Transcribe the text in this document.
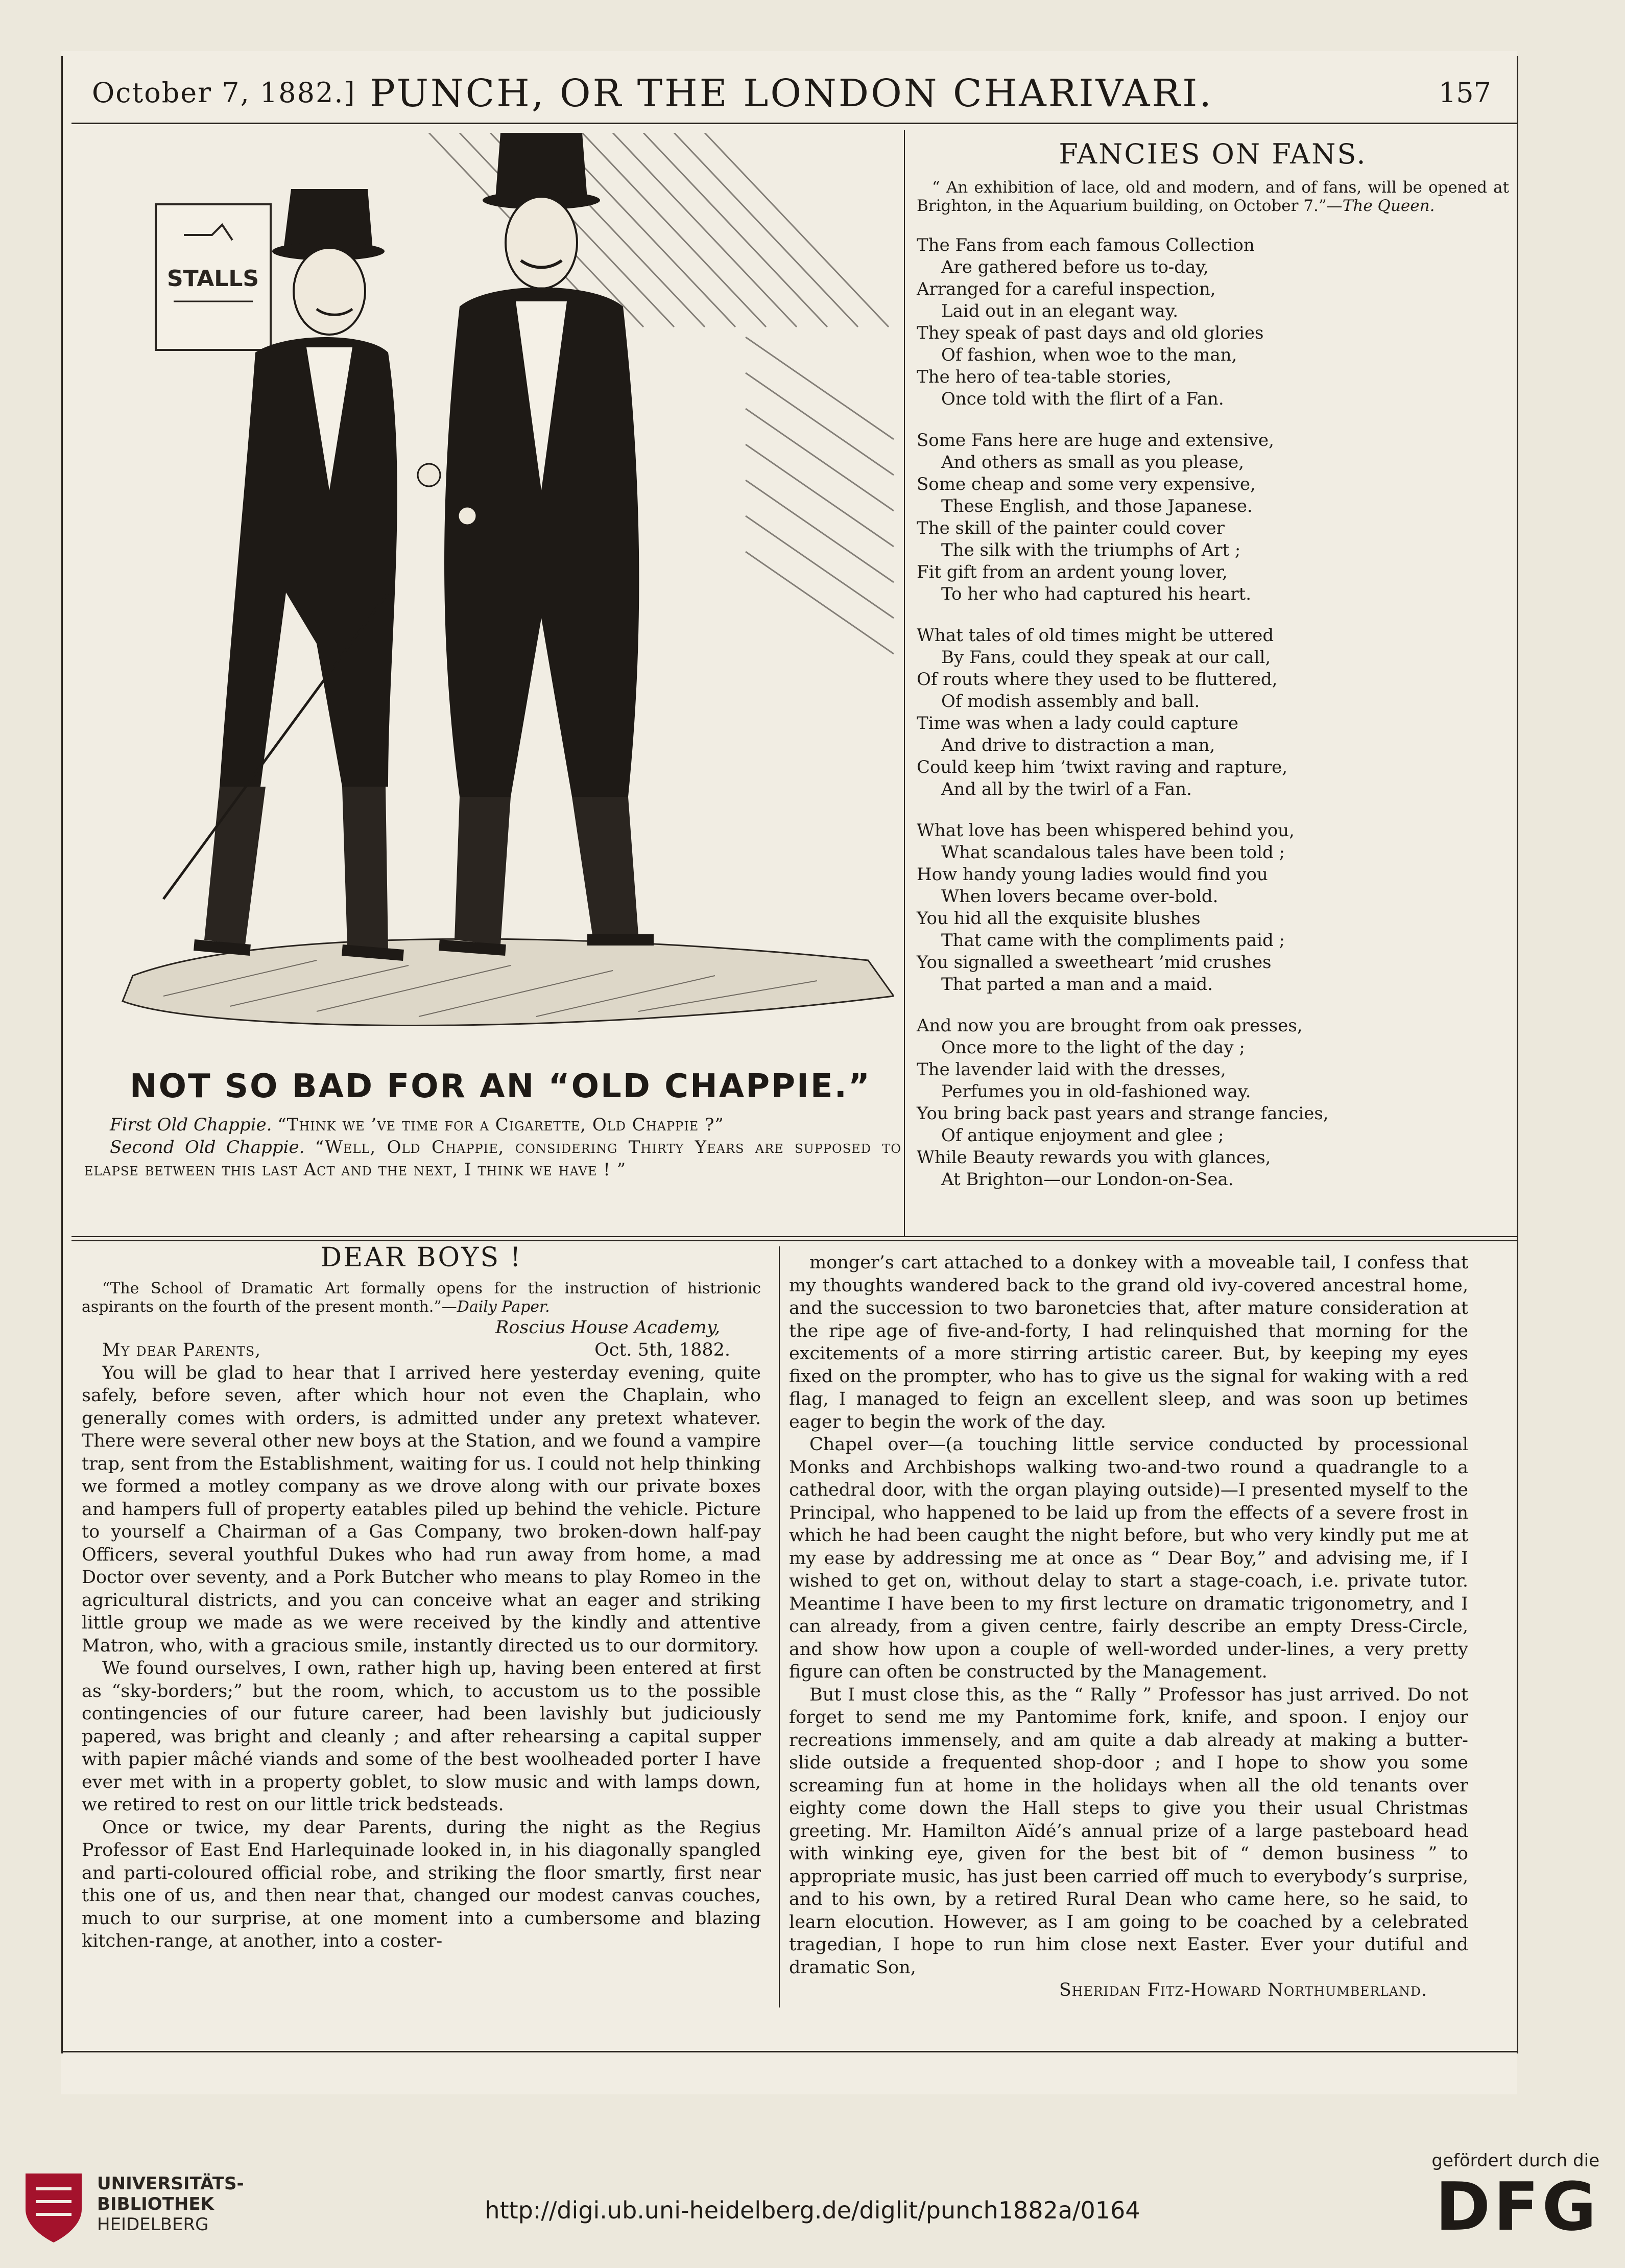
October 7, 1882.] PUNCH, OR THE LONDON CHARIVARI.	157
STALLS
NOT SO BAD FOR AN “OLD CHAPPIE.”

First Old Chappie. “Think we ’ve time for a Cigarette, Old Chappie ?”

Second Old Chappie. “Well, Old Chappie, considering Thirty Years are supposed to elapse between this last Act and the next, I think we have ! ”

FANCIES ON FANS.

“ An exhibition of lace, old and modern, and of fans, will be opened at Brighton, in the Aquarium building, on October 7.”—The Queen.

The Fans from each famous Collection
Are gathered before us to-day,
Arranged for a careful inspection,
Laid out in an elegant way.
They speak of past days and old glories
Of fashion, when woe to the man,
The hero of tea-table stories,
Once told with the flirt of a Fan.
Some Fans here are huge and extensive,
And others as small as you please,
Some cheap and some very expensive,
These English, and those Japanese.
The skill of the painter could cover
The silk with the triumphs of Art ;
Fit gift from an ardent young lover,
To her who had captured his heart.
What tales of old times might be uttered
By Fans, could they speak at our call,
Of routs where they used to be fluttered,
Of modish assembly and ball.
Time was when a lady could capture
And drive to distraction a man,
Could keep him ’twixt raving and rapture,
And all by the twirl of a Fan.
What love has been whispered behind you,
What scandalous tales have been told ;
How handy young ladies would find you
When lovers became over-bold.
You hid all the exquisite blushes
That came with the compliments paid ;
You signalled a sweetheart ’mid crushes
That parted a man and a maid.
And now you are brought from oak presses,
Once more to the light of the day ;
The lavender laid with the dresses,
Perfumes you in old-fashioned way.
You bring back past years and strange fancies,
Of antique enjoyment and glee ;
While Beauty rewards you with glances,
At Brighton—our London-on-Sea.
DEAR BOYS !

“The School of Dramatic Art formally opens for the instruction of histrionic aspirants on the fourth of the present month.”—Daily Paper.

Roscius House Academy,
My dear Parents,	Oct. 5th, 1882.

You will be glad to hear that I arrived here yesterday evening, quite safely, before seven, after which hour not even the Chaplain, who generally comes with orders, is admitted under any pretext whatever. There were several other new boys at the Station, and we found a vampire trap, sent from the Establishment, waiting for us. I could not help thinking we formed a motley company as we drove along with our private boxes and hampers full of property eatables piled up behind the vehicle. Picture to yourself a Chairman of a Gas Company, two broken-down half-pay Officers, several youthful Dukes who had run away from home, a mad Doctor over seventy, and a Pork Butcher who means to play Romeo in the agricultural districts, and you can conceive what an eager and striking little group we made as we were received by the kindly and attentive Matron, who, with a gracious smile, instantly directed us to our dormitory.

We found ourselves, I own, rather high up, having been entered at first as “sky-borders;” but the room, which, to accustom us to the possible contingencies of our future career, had been lavishly but judiciously papered, was bright and cleanly ; and after rehearsing a capital supper with papier mâché viands and some of the best woolheaded porter I have ever met with in a property goblet, to slow music and with lamps down, we retired to rest on our little trick bedsteads.

Once or twice, my dear Parents, during the night as the Regius Professor of East End Harlequinade looked in, in his diagonally spangled and parti-coloured official robe, and striking the floor smartly, first near this one of us, and then near that, changed our modest canvas couches, much to our surprise, at one moment into a cumbersome and blazing kitchen-range, at another, into a coster-

monger’s cart attached to a donkey with a moveable tail, I confess that my thoughts wandered back to the grand old ivy-covered ancestral home, and the succession to two baronetcies that, after mature consideration at the ripe age of five-and-forty, I had relinquished that morning for the excitements of a more stirring artistic career. But, by keeping my eyes fixed on the prompter, who has to give us the signal for waking with a red flag, I managed to feign an excellent sleep, and was soon up betimes eager to begin the work of the day.

Chapel over—(a touching little service conducted by processional Monks and Archbishops walking two-and-two round a quadrangle to a cathedral door, with the organ playing outside)—I presented myself to the Principal, who happened to be laid up from the effects of a severe frost in which he had been caught the night before, but who very kindly put me at my ease by addressing me at once as “ Dear Boy,” and advising me, if I wished to get on, without delay to start a stage-coach, i.e. private tutor. Meantime I have been to my first lecture on dramatic trigonometry, and I can already, from a given centre, fairly describe an empty Dress-Circle, and show how upon a couple of well-worded under-lines, a very pretty figure can often be constructed by the Management.

But I must close this, as the “ Rally ” Professor has just arrived. Do not forget to send me my Pantomime fork, knife, and spoon. I enjoy our recreations immensely, and am quite a dab already at making a butter-slide outside a frequented shop-door ; and I hope to show you some screaming fun at home in the holidays when all the old tenants over eighty come down the Hall steps to give you their usual Christmas greeting. Mr. Hamilton Aïdé’s annual prize of a large pasteboard head with winking eye, given for the best bit of “ demon business ” to appropriate music, has just been carried off much to everybody’s surprise, and to his own, by a retired Rural Dean who came here, so he said, to learn elocution. However, as I am going to be coached by a celebrated tragedian, I hope to run him close next Easter. Ever your dutiful and dramatic Son,

Sheridan Fitz-Howard Northumberland.
UNIVERSITÄTS-
BIBLIOTHEK
HEIDELBERG
http://digi.ub.uni-heidelberg.de/diglit/punch1882a/0164
gefördert durch die
DFG
